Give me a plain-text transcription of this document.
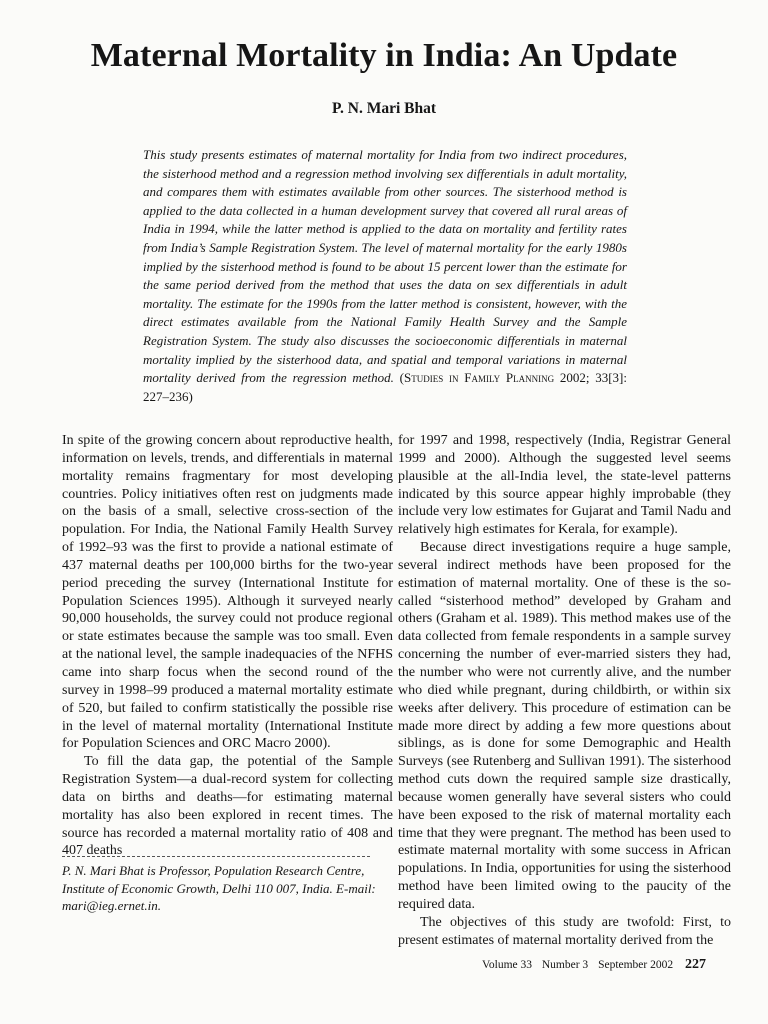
Maternal Mortality in India: An Update

P. N. Mari Bhat

This study presents estimates of maternal mortality for India from two indirect procedures, the sisterhood method and a regression method involving sex differentials in adult mortality, and compares them with estimates available from other sources. The sisterhood method is applied to the data collected in a human development survey that covered all rural areas of India in 1994, while the latter method is applied to the data on mortality and fertility rates from India’s Sample Registration System. The level of maternal mortality for the early 1980s implied by the sisterhood method is found to be about 15 percent lower than the estimate for the same period derived from the method that uses the data on sex differentials in adult mortality. The estimate for the 1990s from the latter method is consistent, however, with the direct estimates available from the National Family Health Survey and the Sample Registration System. The study also discusses the socioeconomic differentials in maternal mortality implied by the sisterhood data, and spatial and temporal variations in maternal mortality derived from the regression method. (Studies in Family Planning 2002; 33[3]: 227–236)

In spite of the growing concern about reproductive health, information on levels, trends, and differentials in maternal mortality remains fragmentary for most developing countries. Policy initiatives often rest on judgments made on the basis of a small, selective cross-section of the population. For India, the National Family Health Survey of 1992–93 was the first to provide a national estimate of 437 maternal deaths per 100,000 births for the two-year period preceding the survey (International Institute for Population Sciences 1995). Although it surveyed nearly 90,000 households, the survey could not produce regional or state estimates because the sample was too small. Even at the national level, the sample inadequacies of the NFHS came into sharp focus when the second round of the survey in 1998–99 produced a maternal mortality estimate of 520, but failed to confirm statistically the possible rise in the level of maternal mortality (International Institute for Population Sciences and ORC Macro 2000).

To fill the data gap, the potential of the Sample Registration System—a dual-record system for collecting data on births and deaths—for estimating maternal mortality has also been explored in recent times. The source has recorded a maternal mortality ratio of 408 and 407 deaths

for 1997 and 1998, respectively (India, Registrar General 1999 and 2000). Although the suggested level seems plausible at the all-India level, the state-level patterns indicated by this source appear highly improbable (they include very low estimates for Gujarat and Tamil Nadu and relatively high estimates for Kerala, for example).

Because direct investigations require a huge sample, several indirect methods have been proposed for the estimation of maternal mortality. One of these is the so-called “sisterhood method” developed by Graham and others (Graham et al. 1989). This method makes use of the data collected from female respondents in a sample survey concerning the number of ever-married sisters they had, the number who were not currently alive, and the number who died while pregnant, during childbirth, or within six weeks after delivery. This procedure of estimation can be made more direct by adding a few more questions about siblings, as is done for some Demographic and Health Surveys (see Rutenberg and Sullivan 1991). The sisterhood method cuts down the required sample size drastically, because women generally have several sisters who could have been exposed to the risk of maternal mortality each time that they were pregnant. The method has been used to estimate maternal mortality with some success in African populations. In India, opportunities for using the sisterhood method have been limited owing to the paucity of the required data.

The objectives of this study are twofold: First, to present estimates of maternal mortality derived from the

P. N. Mari Bhat is Professor, Population Research Centre, Institute of Economic Growth, Delhi 110 007, India. E-mail: mari@ieg.ernet.in.

Volume 33 Number 3 September 2002 227
